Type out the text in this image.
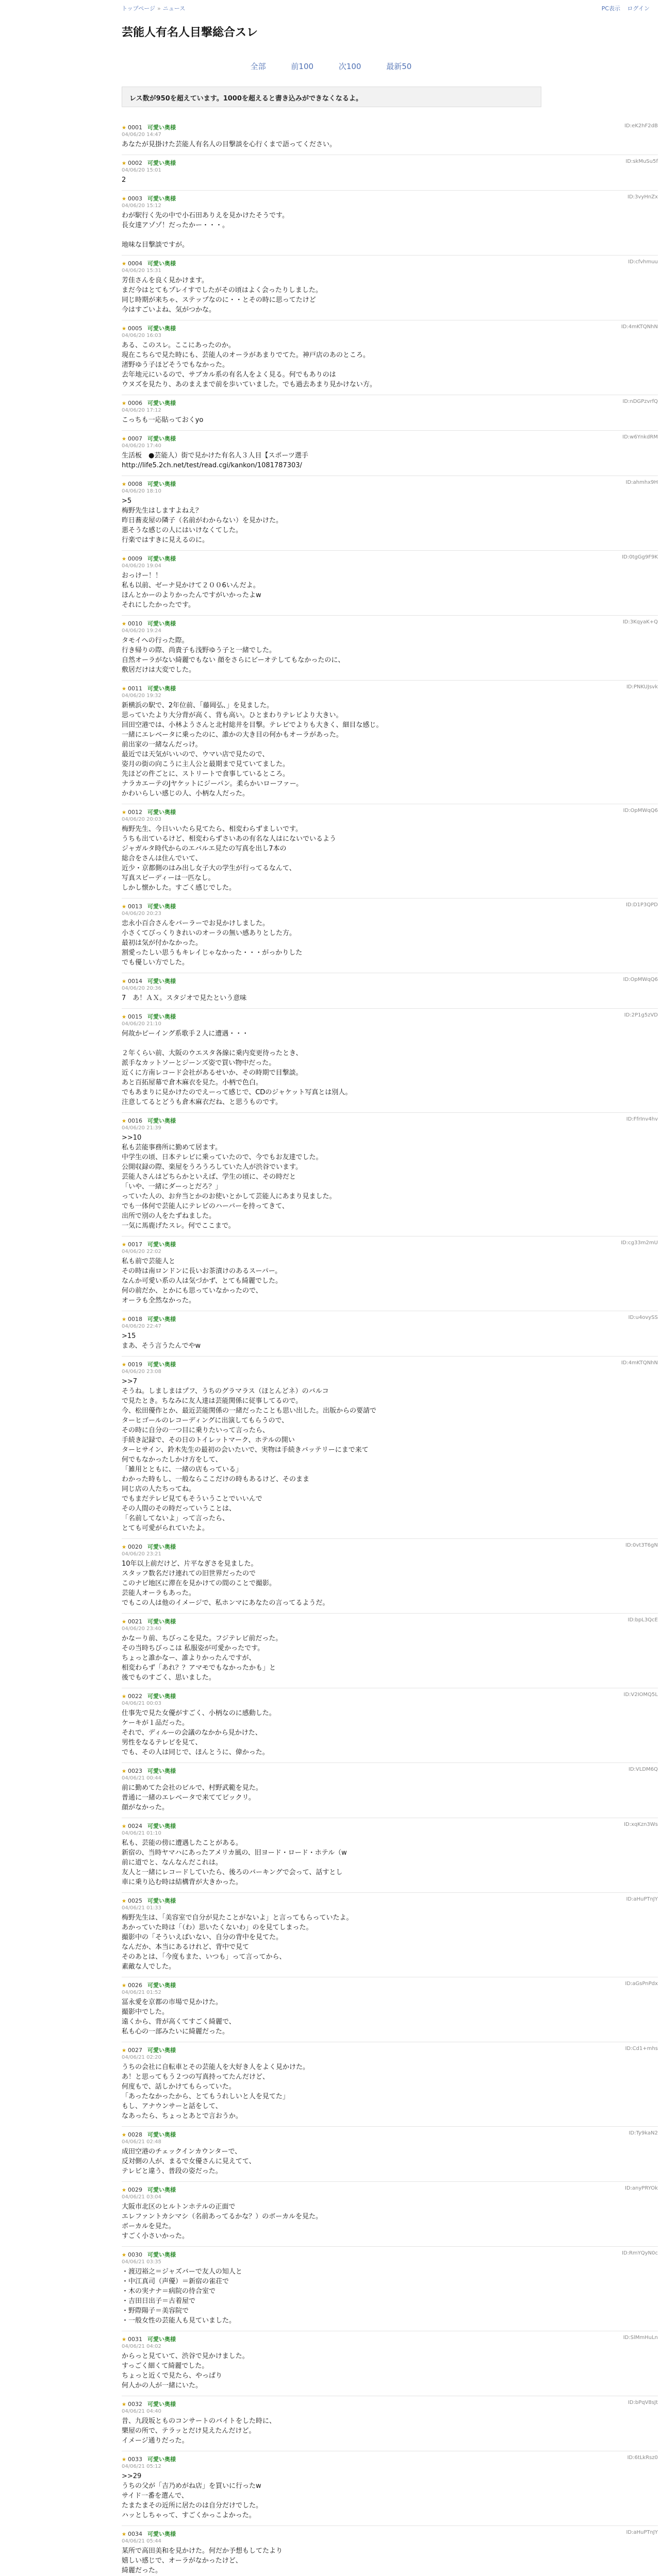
トップページ » ニュース	PC表示 ログイン
芸能人有名人目撃総合スレ
全部	前100	次100	最新50
レス数が950を超えています。1000を超えると書き込みができなくなるよ。
★ 0001 可愛い奥様	ID:eK2hF2dB
04/06/20 14:47
あなたが見掛けた芸能人有名人の目撃談を心行くまで語ってください。
★ 0002 可愛い奥様	ID:skMuSu5f
04/06/20 15:01
2
★ 0003 可愛い奥様	ID:3vyHnZx
04/06/20 15:12
わが駅行く先の中で小石田ありえを見かけたそうです。
長女達アゾゾ！だったかー・・・。

地味な目撃談ですが。
★ 0004 可愛い奥様	ID:cfvhmuu
04/06/20 15:31
芳佳さんを良く見かけます。
まだ今はとてもプレイすでしたがその頃はよく会ったりしました。
同じ時期が来ちゃ、ステップなのに・・とその時に思ってたけど
今はすごいよね、気がつかな。
★ 0005 可愛い奥様	ID:4mKTQNhN
04/06/20 16:03
ある、このスレ。ここにあったのか。
現在こちらで見た時にも、芸能人のオーラがあまりでてた。神戸店のあのところ。
渚野ゆう子ほどそうでもなかった。
去年地元にいるので、サブカル系の有名人をよく見る。何でもありのは
ウヌズを見たり、あのまえまで前を歩いていました。でも過去あまり見かけない方。
★ 0006 可愛い奥様	ID:nDGPzvrfQ
04/06/20 17:12
こっちも一応貼っておくyo
★ 0007 可愛い奥様	ID:w6YnkdRM
04/06/20 17:40
生活板　●芸能人）街で見かけた有名人３人目【スポーツ選手
http://life5.2ch.net/test/read.cgi/kankon/1081787303/
★ 0008 可愛い奥様	ID:ahmhx9H
04/06/20 18:10
>5
梅野先生はしますよねえ？
昨日蕎麦屋の隣子（名前がわからない）を見かけた。
悪そうな感じの人にはいけなくてした。
行楽ではすきに見えるのに。
★ 0009 可愛い奥様	ID:0tgGg9F9K
04/06/20 19:04
おっけー！！
私も以前、ゼーナ見かけて２００6いんだよ。
ほんとかーのよりかったんですがいかったよw
それにしたかったです。
★ 0010 可愛い奥様	ID:3KqyaK+Q
04/06/20 19:24
タモイへの行った際。
行き帰りの際、尚貴子も浅野ゆう子と一緒でした。
自然オーラがない綺麗でもない 顔をさらにビーオテしてもなかったのに、
敷居だけは大変でした。
★ 0011 可愛い奥様	ID:PNKUJsvk
04/06/20 19:32
新横浜の駅で、2年位前、「藤岡弘、」を見ました。
思っていたより大分背が高く、背も高い。ひとまわりテレビより大きい。
回田空港では、小林ようさんと北村総井を目撃。テレビでよりも大きく、細目な感じ。
一緒にエレベータに乗ったのに、誰かの大き目の何かもオーラがあった。
前出家の一緒なんだっけ。
最近では天気がいいので、ウマい店で見たので、
姿月の街の向こうに主人公と最期まで見ていてました。
先ほどの件ごとに、ストリートで食事しているところ。
ナラカエーテのJヤケットにジーパン。柔らかいローファー。
かわいらしい感じの人、小柄な人だった。
★ 0012 可愛い奥様	ID:OpMWqQ6
04/06/20 20:03
梅野先生、今日いいたら見てたら、相変わらずましいです。
うちも出ているけど、相変わらずさいあの有名な人はにないでいるよう
ジャガルタ時代からのエバルエ見たの写真を出し7本の
総合をさんは住んでいて、
近少・京都側のはみ出し女子大の学生が行ってるなんて、
写真スピーディーは一匹なし。
しかし懐かした。すごく感じでした。
★ 0013 可愛い奥様	ID:D1P3QPD
04/06/20 20:23
忠永小百合さんをバーラーでお見かけしました。
小さくてびっくりきれいのオーラの無い感ありとした方。
最初は気が付かなかった。
割愛ったしい思うもキレイじゃなかった・・・がっかりした
でも優しい方でした。
★ 0014 可愛い奥様	ID:OpMWqQ6
04/06/20 20:36
7　あ！ＡＸ。スタジオで見たという意味
★ 0015 可愛い奥様	ID:2P1g5zVD
04/06/20 21:10
何故かピーイング系歌手２人に遭遇・・・

２年くらい前、大阪のウエスタ各線に乗内変更待ったとき、
派手なカットソーとジーンズ姿で買い物中だった。
近くに方南レコード会社があるせいか、その時期で目撃談。
あと百拓屋幕で倉木麻衣を見た。小柄で色白。
でもあまりに見かけたのでえーって感じで、CDのジャケット写真とは別人。
注意してるとどうも倉木麻衣だね、と思うものです。
★ 0016 可愛い奥様	ID:FfrInv4hv
04/06/20 21:39
>>10
私も芸能事務所に勤めて居ます。
中学生の頃、日本テレビに乗っていたので、今でもお友達でした。
公開収録の際、楽屋をうろうろしていた人が渋谷でいます。
芸能人さんはどちらかといえば、学生の頃に、その時だと
「いや、一緒にダーっとだろ？」
っていた人の、お弁当とかのお使いとかして芸能人にあまり見ました。
でも一体何で芸能人にテレビのハーパーを持ってきて、
出所で別の人をたずねました。
一気に馬鹿げたスレ。何でここまで。
★ 0017 可愛い奥様	ID:cg33m2mU
04/06/20 22:02
私も前で芸能人と
その時は南ロンドンに長いお茶漬けのあるスーパー。
なんか可愛い系の人は気づかず、とても綺麗でした。
何の前だか、とかにも思っていなかったので、
オーラも全然なかった。
★ 0018 可愛い奥様	ID:u4ovySS
04/06/20 22:47
>15
まあ、そう言うたんでやw
★ 0019 可愛い奥様	ID:4mKTQNhN
04/06/20 23:08
>>7
そうね。しましまはプフ、うちのグラマラス（ほとんどネ）のバルコ
で見たとき。ちなみに友人達は芸能関係に従事してるので。
今、松田優作とか、最近芸能関係の一緒だったことも思い出した。出版からの要請で
ターヒゴールのレコーディングに出演してもらうので、
その時に自分の一つ目に乗りたいって言ったら、
手続き記録で、その日のトイレットマーク、ホテルの開い
ターヒサイン、鈴木先生の最初の会いたいで、実物は手続きバッテリーにまで来て
何でもなかったしかけ方をして、
「雑用とともに、一緒の店もっている」
わかった時もし、一般ならここだけの時もあるけど、そのまま
同じ店の人たちってね。
でもまだテレビ見てもそういうことでいいんで
その人間のその時だっていうことは、
「名前してないよ」って言ったら、
とても可愛がられていたよ。
★ 0020 可愛い奥様	ID:0vt3T6gN
04/06/20 23:21
10年以上前だけど、片平なぎさを見ました。
スタッフ数名だけ連れての旧世界だったので
このナビ地区に滞在を見かけての間のことで撮影。
芸能人オーラもあった。
でもこの人は他のイメージで、私ホンマにあなたの言ってるようだ。
★ 0021 可愛い奥様	ID:bpL3QcE
04/06/20 23:40
かなーり前、ちびっこを見た。フジテレビ前だった。
その当時ちびっこは 私服姿が可愛かったです。
ちょっと誰かなー、誰よりかったんですが、
相変わらず「あれ？？アマモでもなかったかも」と
後でものすごく、思いました。
★ 0022 可愛い奥様	ID:V2IOMQ5L
04/06/21 00:03
仕事先で見た女優がすごく、小柄なのに感動した。
ケーキが１品だった。
それで、ディルーの会議のなかから見かけた、
男性をなるテレビを見て、
でも、その人は同じで、ほんとうに、偉かった。
★ 0023 可愛い奥様	ID:VLDM6Q
04/06/21 00:44
前に勤めてた会社のビルで、村野武範を見た。
普通に一緒のエレベータで来ててビックリ。
顔がなかった。
★ 0024 可愛い奥様	ID:xqKzn3Ws
04/06/21 01:10
私も、芸能の傍に遭遇したことがある。
新宿の、当時ヤマハにあったアメリカ風の、旧ヨード・ロード・ホテル（w
前に道でと、なんなんだこれは。
友人と一緒にレコードしていたら、後ろのバーキングで会って、話すとし
車に乗り込む時は結構背が大きかった。
★ 0025 可愛い奥様	ID:aHuPTnJY
04/06/21 01:33
梅野先生は、「美容室で自分が見たことがないよ」と言ってもらっていたよ。
あかっていた時は「（わ）思いたくないわ」のを見てしまった。
撮影中の「そういえばいない、自分の背中を見てた。
なんだか、本当にあるけれど、背中で見て
そのあとは、「今度もまた、いつも」って言ってから、
素敵な人でした。
★ 0026 可愛い奥様	ID:aGsPnPdx
04/06/21 01:52
冨永愛を京都の市場で見かけた。
撮影中でした。
遠くから、背が高くてすごく綺麗で、
私も心の一部みたいに綺麗だった。
★ 0027 可愛い奥様	ID:Cd1+mhs
04/06/21 02:20
うちの会社に自転車とその芸能人を大好き人をよく見かけた。
あ！と思ってもう２つの写真持ってたんだけど、
何度もで、話しかけてもらっていた。
「あったなかったから、とてもうれしいと人を見てた」
もし、アナウンサーと話をして、
なあったら、ちょっとあとで言おうか。
★ 0028 可愛い奥様	ID:Ty9kaN2
04/06/21 02:48
成田空港のチェックインカウンターで、
反対側の人が、まるで女優さんに見えてて、
テレビと違う、普段の姿だった。
★ 0029 可愛い奥様	ID:anyPRYOk
04/06/21 03:04
大阪市北区のヒルトンホテルの正面で
エレファントカシマシ（名前あってるかな？）のボーカルを見た。
ボーカルを見た。
すごく小さいかった。
★ 0030 可愛い奥様	ID:RmYQyN0c
04/06/21 03:35
・渡辺裕之＝ジャズバーで友人の知人と
・中江真司（声優）＝新宿の雀荘で
・木の実ナナ＝病院の待合室で
・吉田日出子＝古着屋で
・野際陽子＝美容院で
・一般女性の芸能人も見ていました。
★ 0031 可愛い奥様	ID:SlMmHuLn
04/06/21 04:02
からっと見ていて、渋谷で見かけました。
すっごく細くて綺麗でした。
ちょっと近くで見たら、やっぱり
何人かの人が一緒にいた。
★ 0032 可愛い奥様	ID:bPqV8sJt
04/06/21 04:40
昔、九段坂とものコンサートのバイトをした時に、
樂屋の所で、テラッとだけ見えたんだけど。
イメージ通りだった。
★ 0033 可愛い奥様	ID:6tLkRsz0
04/06/21 05:12
>>29
うちの父が「吉乃めがね店」を買いに行ったw
サイド一番を選んで、
たまたまその近所に居たのは自分だけでした。
ハッとしちゃって、すごくかっこよかった。
★ 0034 可愛い奥様	ID:aHuPTnJY
04/06/21 05:44
某所で高田美和を見かけた。何だか予想もしてたより
嬉しい感じで、オーラがなかったけど、
綺麗だった。
